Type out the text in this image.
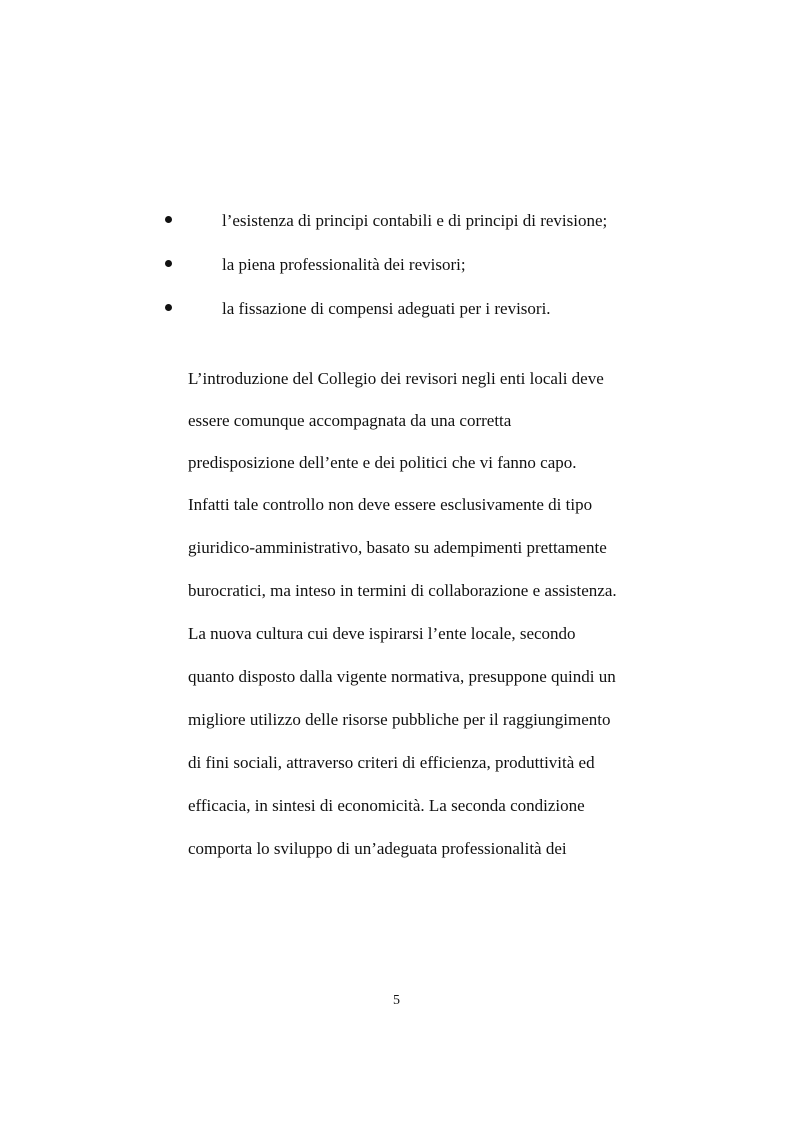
l’esistenza di principi contabili e di principi di revisione;
la piena professionalità dei revisori;
la fissazione di compensi adeguati per i revisori.
L’introduzione del Collegio dei revisori negli enti locali deve
essere comunque accompagnata da una corretta
predisposizione dell’ente e dei politici che vi fanno capo.
Infatti tale controllo non deve essere esclusivamente di tipo
giuridico-amministrativo, basato su adempimenti prettamente
burocratici, ma inteso in termini di collaborazione e assistenza.
La nuova cultura cui deve ispirarsi l’ente locale, secondo
quanto disposto dalla vigente normativa, presuppone quindi un
migliore utilizzo delle risorse pubbliche per il raggiungimento
di fini sociali, attraverso criteri di efficienza, produttività ed
efficacia, in sintesi di economicità. La seconda condizione
comporta lo sviluppo di un’adeguata professionalità dei
5
